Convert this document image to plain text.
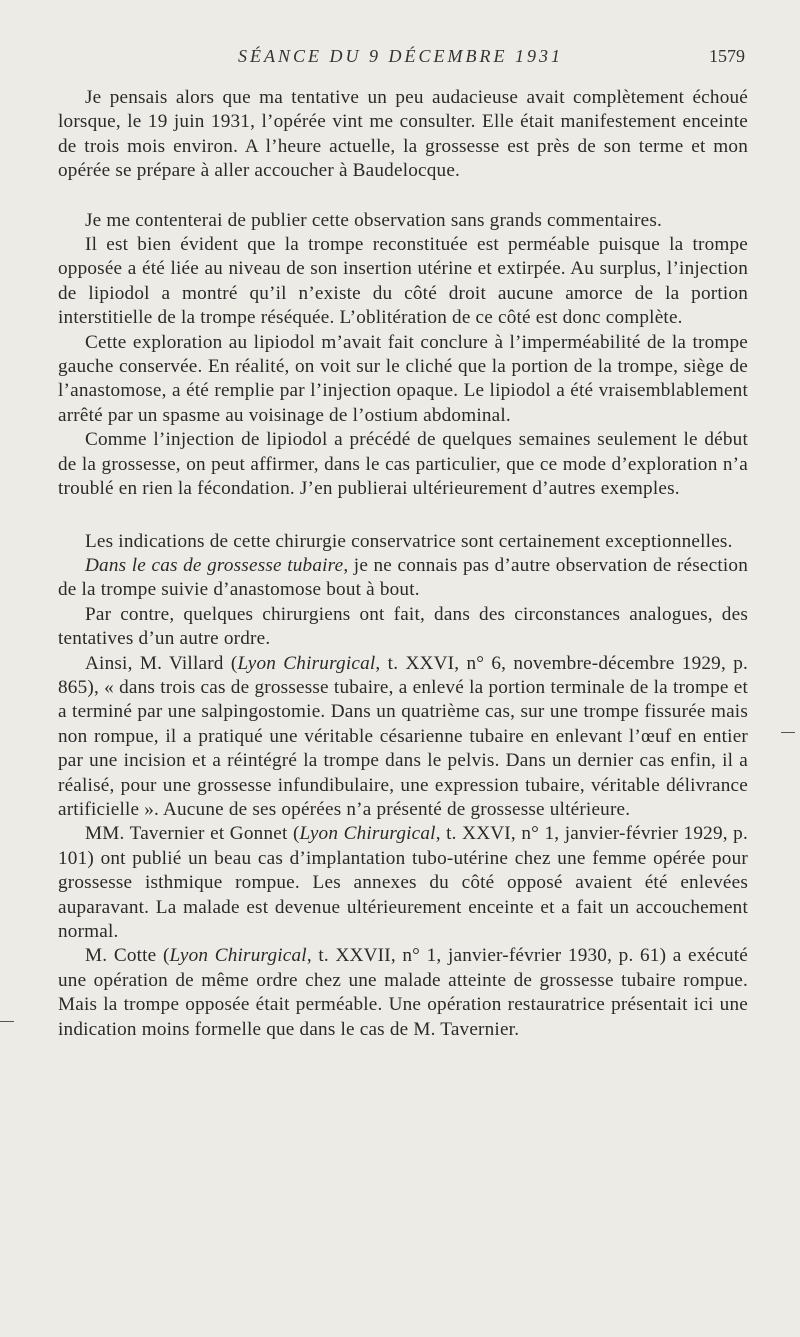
SÉANCE DU 9 DÉCEMBRE 1931	1579

Je pensais alors que ma tentative un peu audacieuse avait complètement échoué lorsque, le 19 juin 1931, l’opérée vint me consulter. Elle était manifestement enceinte de trois mois environ. A l’heure actuelle, la grossesse est près de son terme et mon opérée se prépare à aller accoucher à Baudelocque.

Je me contenterai de publier cette observation sans grands commentaires.

Il est bien évident que la trompe reconstituée est perméable puisque la trompe opposée a été liée au niveau de son insertion utérine et extirpée. Au surplus, l’injection de lipiodol a montré qu’il n’existe du côté droit aucune amorce de la portion interstitielle de la trompe réséquée. L’oblitération de ce côté est donc complète.

Cette exploration au lipiodol m’avait fait conclure à l’imperméabilité de la trompe gauche conservée. En réalité, on voit sur le cliché que la portion de la trompe, siège de l’anastomose, a été remplie par l’injection opaque. Le lipiodol a été vraisemblablement arrêté par un spasme au voisinage de l’ostium abdominal.

Comme l’injection de lipiodol a précédé de quelques semaines seulement le début de la grossesse, on peut affirmer, dans le cas particulier, que ce mode d’exploration n’a troublé en rien la fécondation. J’en publierai ultérieurement d’autres exemples.

Les indications de cette chirurgie conservatrice sont certainement exceptionnelles.

Dans le cas de grossesse tubaire, je ne connais pas d’autre observation de résection de la trompe suivie d’anastomose bout à bout.

Par contre, quelques chirurgiens ont fait, dans des circonstances analogues, des tentatives d’un autre ordre.

Ainsi, M. Villard (Lyon Chirurgical, t. XXVI, n° 6, novembre-décembre 1929, p. 865), « dans trois cas de grossesse tubaire, a enlevé la portion terminale de la trompe et a terminé par une salpingostomie. Dans un quatrième cas, sur une trompe fissurée mais non rompue, il a pratiqué une véritable césarienne tubaire en enlevant l’œuf en entier par une incision et a réintégré la trompe dans le pelvis. Dans un dernier cas enfin, il a réalisé, pour une grossesse infundibulaire, une expression tubaire, véritable délivrance artificielle ». Aucune de ses opérées n’a présenté de grossesse ultérieure.

MM. Tavernier et Gonnet (Lyon Chirurgical, t. XXVI, n° 1, janvier-février 1929, p. 101) ont publié un beau cas d’implantation tubo-utérine chez une femme opérée pour grossesse isthmique rompue. Les annexes du côté opposé avaient été enlevées auparavant. La malade est devenue ultérieurement enceinte et a fait un accouchement normal.

M. Cotte (Lyon Chirurgical, t. XXVII, n° 1, janvier-février 1930, p. 61) a exécuté une opération de même ordre chez une malade atteinte de grossesse tubaire rompue. Mais la trompe opposée était perméable. Une opération restauratrice présentait ici une indication moins formelle que dans le cas de M. Tavernier.
